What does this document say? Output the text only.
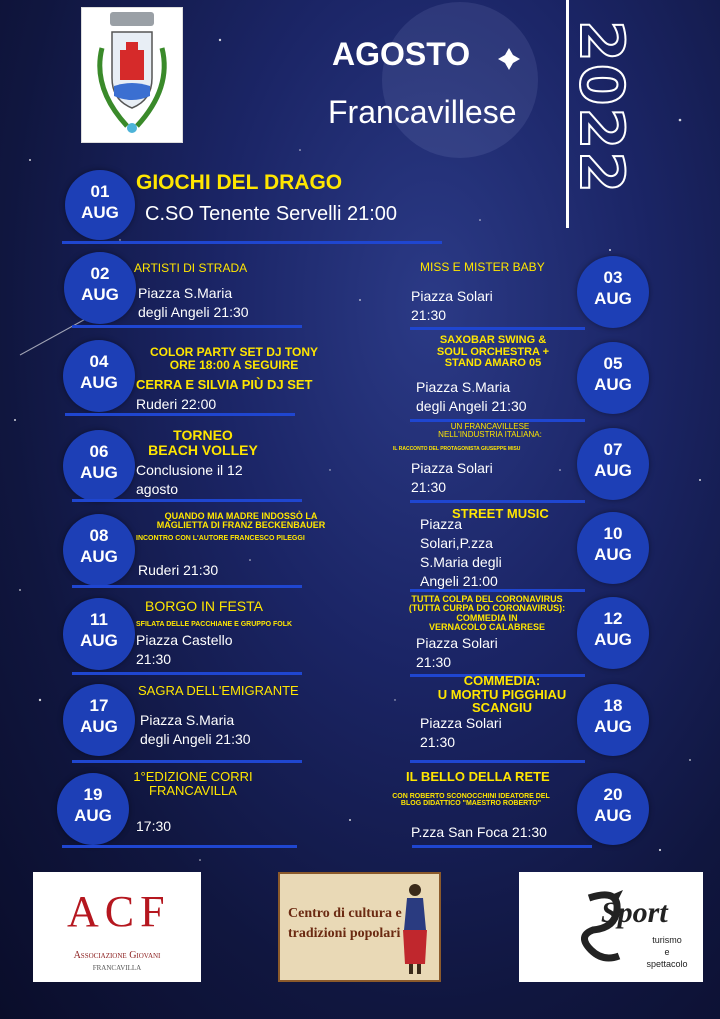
AGOSTO
Francavillese 2022
01
AUG
GIOCHI DEL DRAGO
C.SO Tenente Servelli 21:00
02
AUG
ARTISTI DI STRADA
Piazza S.Maria
degli Angeli 21:30
04
AUG
COLOR PARTY SET DJ TONY
ORE 18:00 A SEGUIRE
CERRA E SILVIA PIÙ DJ SET
Ruderi 22:00
06
AUG
TORNEO
BEACH VOLLEY
Conclusione il 12
agosto
08
AUG
QUANDO MIA MADRE INDOSSÒ LA
MAGLIETTA DI FRANZ BECKENBAUER
INCONTRO CON L'AUTORE FRANCESCO PILEGGI
Ruderi 21:30
11
AUG
BORGO IN FESTA
SFILATA DELLE PACCHIANE E GRUPPO FOLK
Piazza Castello
21:30
17
AUG
SAGRA DELL'EMIGRANTE
Piazza S.Maria
degli Angeli 21:30
19
AUG
1°EDIZIONE CORRI
FRANCAVILLA
17:30
03
AUG
MISS E MISTER BABY
Piazza Solari
21:30
05
AUG
SAXOBAR SWING &
SOUL ORCHESTRA +
STAND AMARO 05
Piazza S.Maria
degli Angeli 21:30
07
AUG
UN FRANCAVILLESE
NELL'INDUSTRIA ITALIANA:
IL RACCONTO DEL PROTAGONISTA GIUSEPPE MISU
Piazza Solari
21:30
10
AUG
STREET MUSIC
Piazza
Solari,P.zza
S.Maria degli
Angeli 21:00
12
AUG
TUTTA COLPA DEL CORONAVIRUS
(TUTTA CURPA DO CORONAVIRUS):
COMMEDIA IN
VERNACOLO CALABRESE
Piazza Solari
21:30
18
AUG
COMMEDIA:
U MORTU PIGGHIAU
SCANGIU
Piazza Solari
21:30
20
AUG
IL BELLO DELLA RETE
CON ROBERTO SCONOCCHINI IDEATORE DEL
BLOG DIDATTICO "MAESTRO ROBERTO"
P.zza San Foca 21:30
ACF
Associazione Giovani
FRANCAVILLA
Centro di cultura e
tradizioni popolari
Sport
turismo
e
spettacolo
